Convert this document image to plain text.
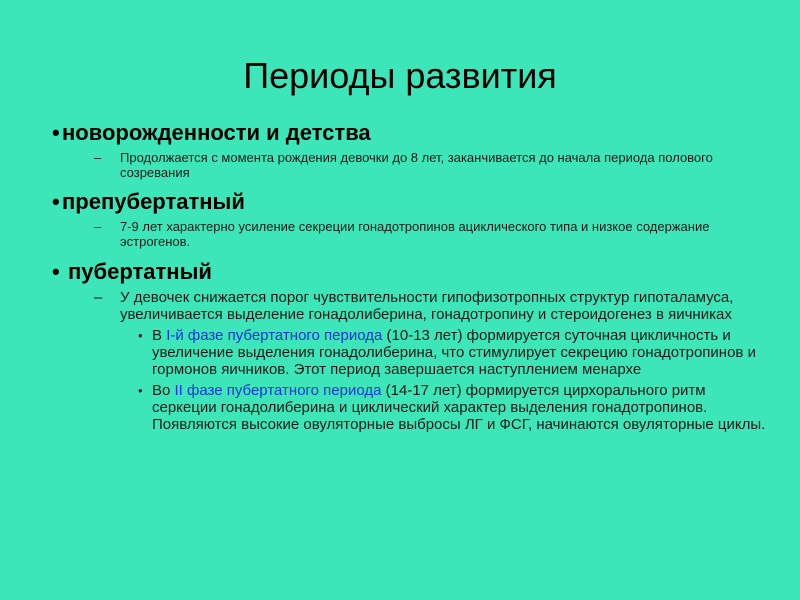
Периоды развития
• новорожденности и детства
– Продолжается с момента рождения девочки до 8 лет, заканчивается до начала периода полового созревания
• препубертатный
– 7-9 лет характерно усиление секреции гонадотропинов ациклического типа и низкое содержание эстрогенов.
• пубертатный
– У девочек снижается порог чувствительности гипофизотропных структур гипоталамуса, увеличивается выделение гонадолиберина, гонадотропину и стероидогенез в яичниках
• В I-й фазе пубертатного периода (10-13 лет) формируется суточная цикличность и увеличение выделения гонадолиберина, что стимулирует секрецию гонадотропинов и гормонов яичников. Этот период завершается наступлением менархе
• Во II фазе пубертатного периода (14-17 лет) формируется цирхорального ритм серкеции гонадолиберина и циклический характер выделения гонадотропинов. Появляются высокие овуляторные выбросы ЛГ и ФСГ, начинаются овуляторные циклы.
